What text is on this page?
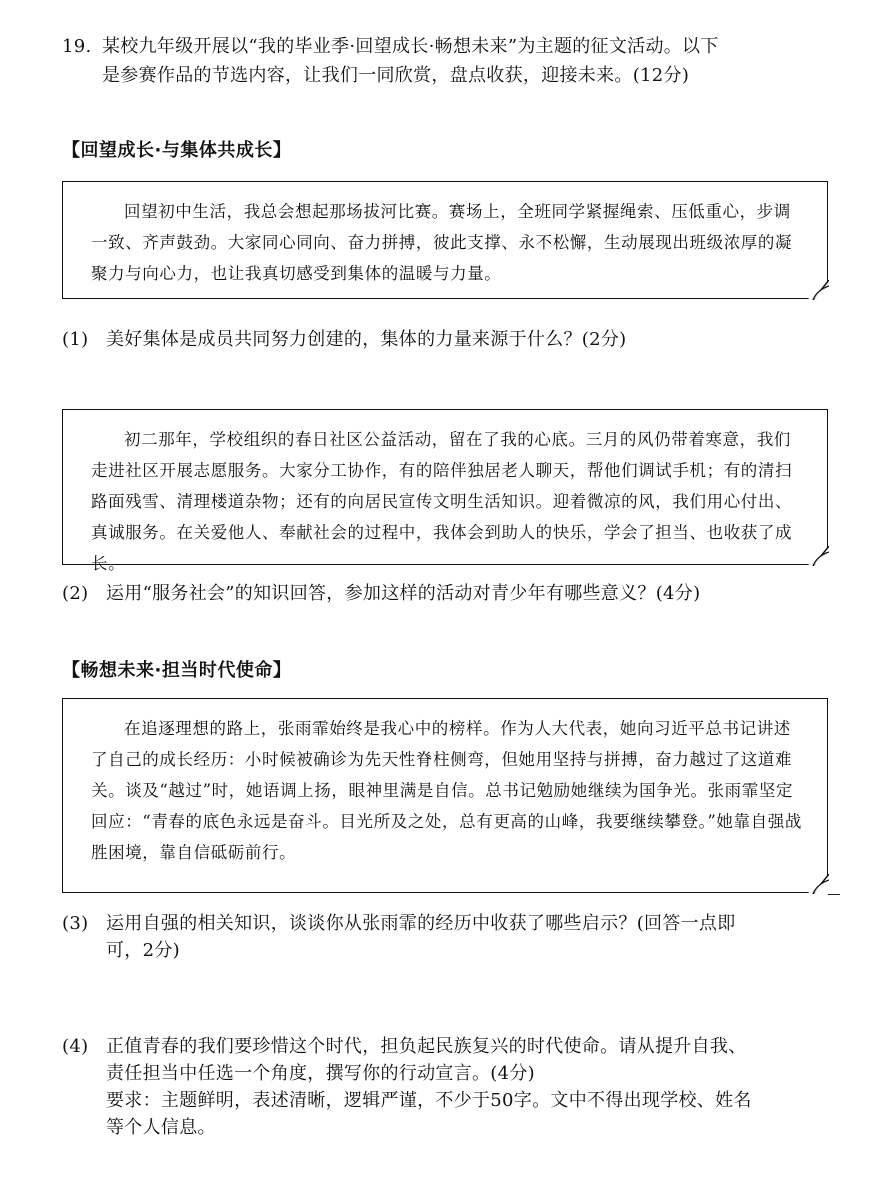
19. 某校九年级开展以“我的毕业季·回望成长·畅想未来”为主题的征文活动。以下
是参赛作品的节选内容，让我们一同欣赏，盘点收获，迎接未来。(12分)
【回望成长·与集体共成长】

回望初中生活，我总会想起那场拔河比赛。赛场上，全班同学紧握绳索、压低重心，步调一致、齐声鼓劲。大家同心同向、奋力拼搏，彼此支撑、永不松懈，生动展现出班级浓厚的凝聚力与向心力，也让我真切感受到集体的温暖与力量。

(1) 美好集体是成员共同努力创建的，集体的力量来源于什么？(2分)

初二那年，学校组织的春日社区公益活动，留在了我的心底。三月的风仍带着寒意，我们走进社区开展志愿服务。大家分工协作，有的陪伴独居老人聊天，帮他们调试手机；有的清扫路面残雪、清理楼道杂物；还有的向居民宣传文明生活知识。迎着微凉的风，我们用心付出、真诚服务。在关爱他人、奉献社会的过程中，我体会到助人的快乐，学会了担当、也收获了成长。

(2) 运用“服务社会”的知识回答，参加这样的活动对青少年有哪些意义？(4分)
【畅想未来·担当时代使命】

在追逐理想的路上，张雨霏始终是我心中的榜样。作为人大代表，她向习近平总书记讲述了自己的成长经历：小时候被确诊为先天性脊柱侧弯，但她用坚持与拼搏，奋力越过了这道难关。谈及“越过”时，她语调上扬，眼神里满是自信。总书记勉励她继续为国争光。张雨霏坚定回应：“青春的底色永远是奋斗。目光所及之处，总有更高的山峰，我要继续攀登。”她靠自强战胜困境，靠自信砥砺前行。

(3) 运用自强的相关知识，谈谈你从张雨霏的经历中收获了哪些启示？(回答一点即
可，2分)
(4) 正值青春的我们要珍惜这个时代，担负起民族复兴的时代使命。请从提升自我、
责任担当中任选一个角度，撰写你的行动宣言。(4分)
要求：主题鲜明，表述清晰，逻辑严谨，不少于50字。文中不得出现学校、姓名
等个人信息。
